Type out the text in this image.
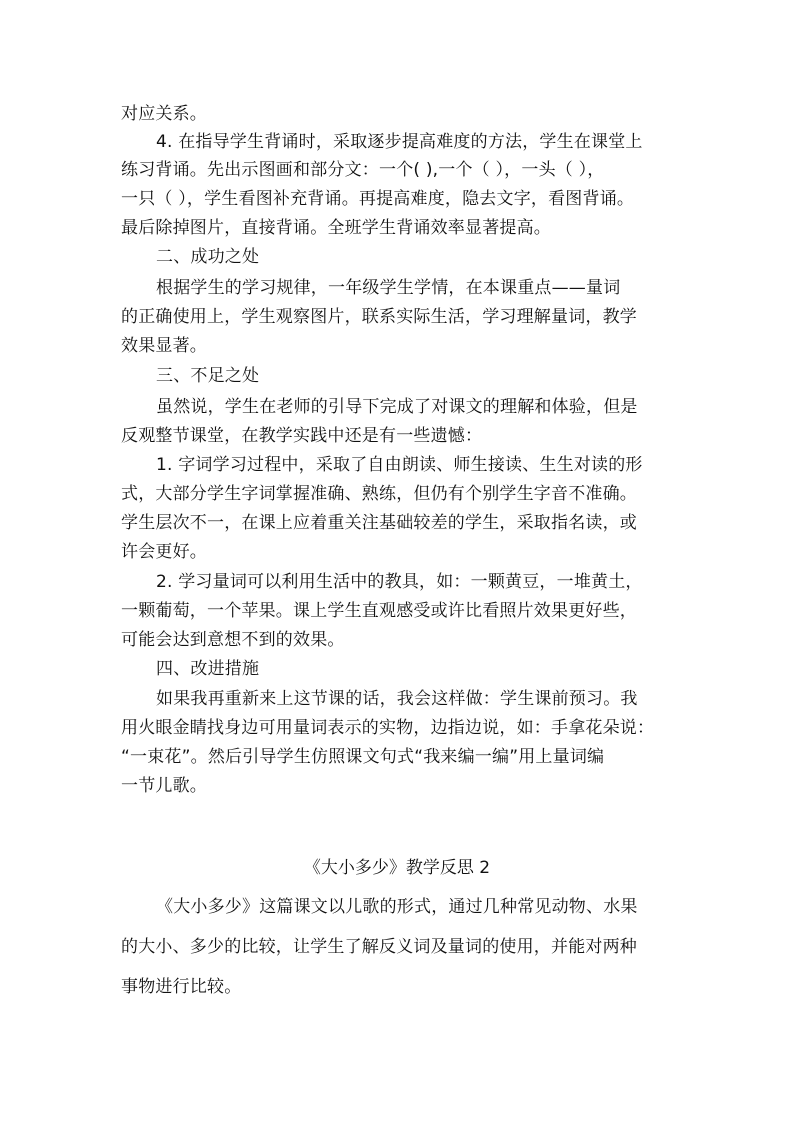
对应关系。
4. 在指导学生背诵时，采取逐步提高难度的方法，学生在课堂上
练习背诵。先出示图画和部分文：一个( ),一个（ ），一头（ ），
一只（ ），学生看图补充背诵。再提高难度，隐去文字，看图背诵。
最后除掉图片，直接背诵。全班学生背诵效率显著提高。
二、成功之处
根据学生的学习规律，一年级学生学情，在本课重点——量词
的正确使用上，学生观察图片，联系实际生活，学习理解量词，教学
效果显著。
三、不足之处
虽然说，学生在老师的引导下完成了对课文的理解和体验，但是
反观整节课堂，在教学实践中还是有一些遗憾：
1. 字词学习过程中，采取了自由朗读、师生接读、生生对读的形
式，大部分学生字词掌握准确、熟练，但仍有个别学生字音不准确。
学生层次不一，在课上应着重关注基础较差的学生，采取指名读，或
许会更好。
2. 学习量词可以利用生活中的教具，如：一颗黄豆，一堆黄土，
一颗葡萄，一个苹果。课上学生直观感受或许比看照片效果更好些，
可能会达到意想不到的效果。
四、改进措施
如果我再重新来上这节课的话，我会这样做：学生课前预习。我
用火眼金睛找身边可用量词表示的实物，边指边说，如：手拿花朵说：
“一束花”。然后引导学生仿照课文句式“我来编一编”用上量词编
一节儿歌。
《大小多少》教学反思 2
《大小多少》这篇课文以儿歌的形式，通过几种常见动物、水果
的大小、多少的比较，让学生了解反义词及量词的使用，并能对两种
事物进行比较。
